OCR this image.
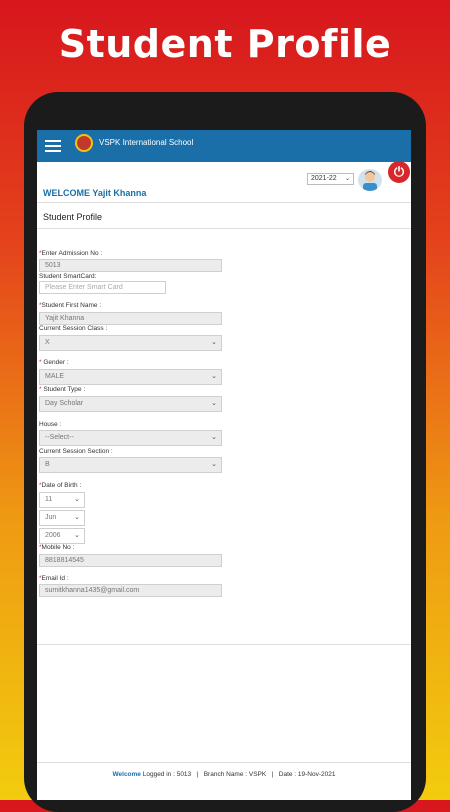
Student Profile
VSPK International School
2021-22 ⌄	⏻
WELCOME Yajit Khanna
Student Profile
*Enter Admission No :
5013
Student SmartCard:
Please Enter Smart Card
*Student First Name :
Yajit Khanna
Current Session Class :
X	⌄
* Gender :
MALE	⌄
* Student Type :
Day Scholar	⌄
House :
--Select--	⌄
Current Session Section :
B	⌄
*Date of Birth :
11	⌄
Jun	⌄
2006 ⌄
*Mobile No :
8818814545
*Email Id :
sumitkhanna1435@gmail.com
Welcome Logged in : 5013 | Branch Name : VSPK | Date : 19-Nov-2021
